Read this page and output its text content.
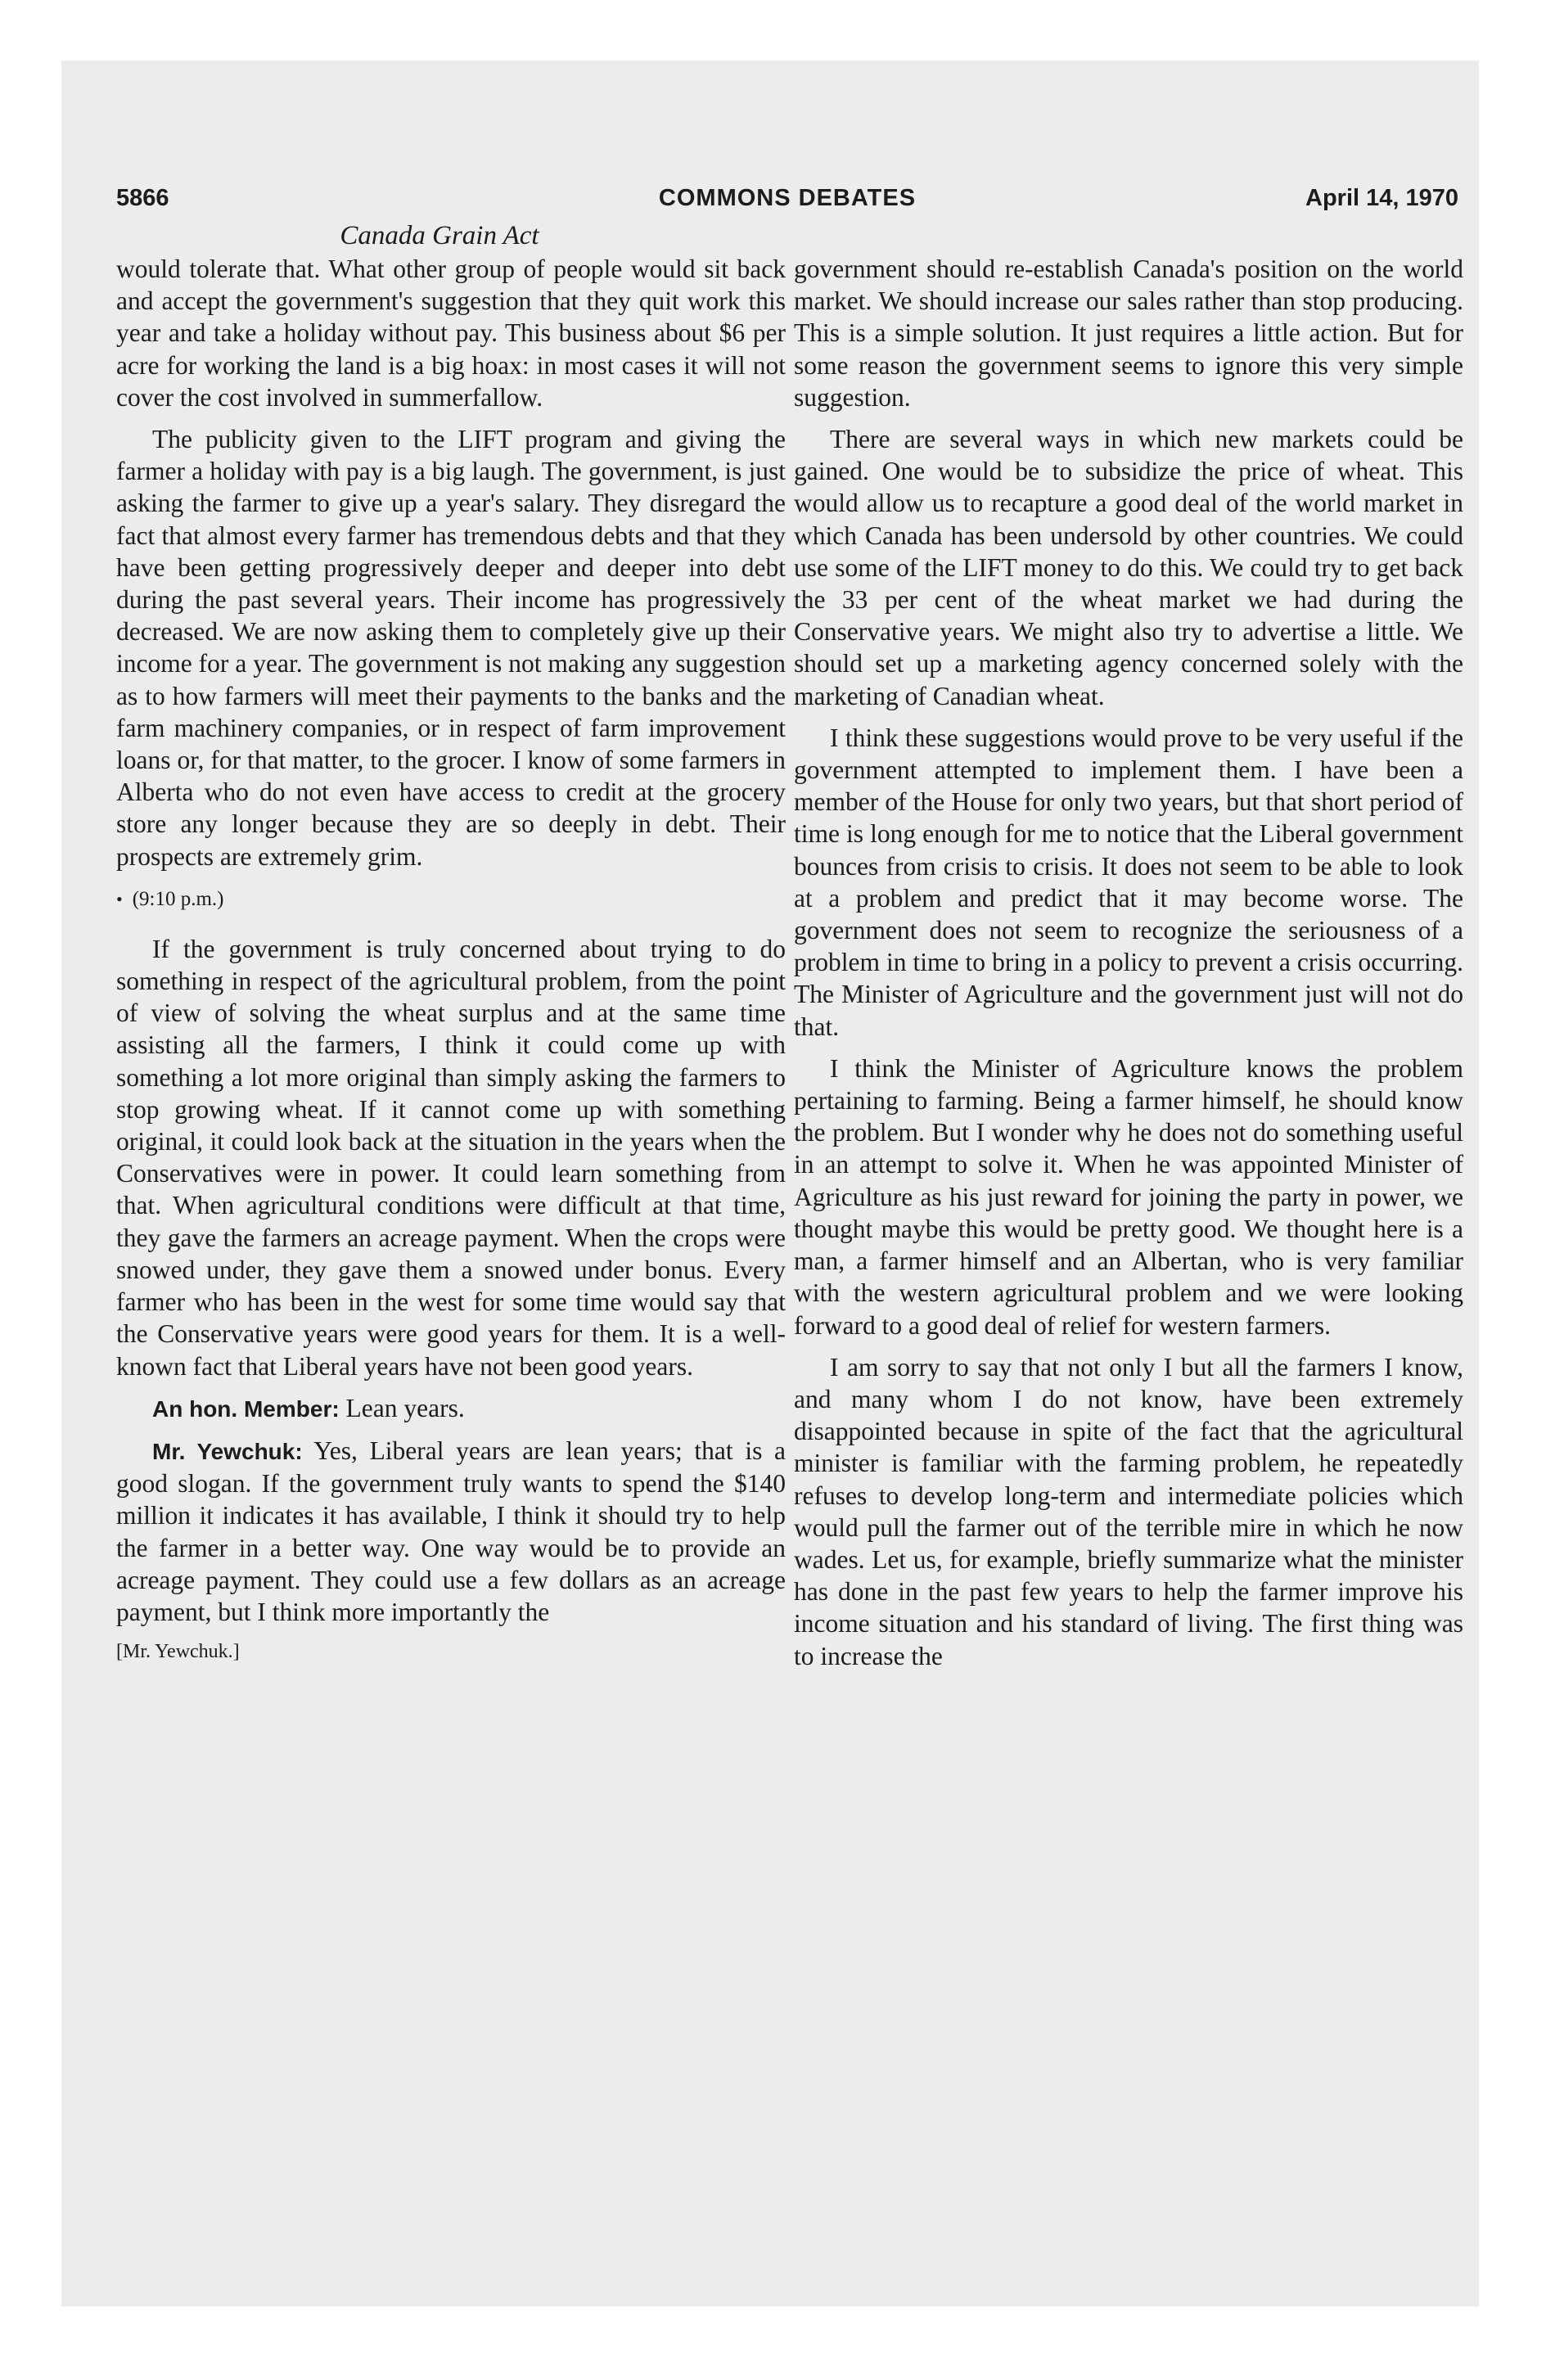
5866	COMMONS DEBATES	April 14, 1970
Canada Grain Act

would tolerate that. What other group of people would sit back and accept the government's suggestion that they quit work this year and take a holiday without pay. This business about $6 per acre for working the land is a big hoax: in most cases it will not cover the cost involved in summerfallow.

The publicity given to the LIFT program and giving the farmer a holiday with pay is a big laugh. The government, is just asking the farmer to give up a year's salary. They disregard the fact that almost every farmer has tremendous debts and that they have been getting progressively deeper and deeper into debt during the past several years. Their income has progressively decreased. We are now asking them to completely give up their income for a year. The government is not making any suggestion as to how farmers will meet their payments to the banks and the farm machinery companies, or in respect of farm improvement loans or, for that matter, to the grocer. I know of some farmers in Alberta who do not even have access to credit at the grocery store any longer because they are so deeply in debt. Their prospects are extremely grim.

• (9:10 p.m.)

If the government is truly concerned about trying to do something in respect of the agricultural problem, from the point of view of solving the wheat surplus and at the same time assisting all the farmers, I think it could come up with something a lot more original than simply asking the farmers to stop growing wheat. If it cannot come up with something original, it could look back at the situation in the years when the Conservatives were in power. It could learn something from that. When agricultural conditions were difficult at that time, they gave the farmers an acreage payment. When the crops were snowed under, they gave them a snowed under bonus. Every farmer who has been in the west for some time would say that the Conservative years were good years for them. It is a well-known fact that Liberal years have not been good years.

An hon. Member: Lean years.

Mr. Yewchuk: Yes, Liberal years are lean years; that is a good slogan. If the government truly wants to spend the $140 million it indicates it has available, I think it should try to help the farmer in a better way. One way would be to provide an acreage payment. They could use a few dollars as an acreage payment, but I think more importantly the

[Mr. Yewchuk.]

government should re-establish Canada's position on the world market. We should increase our sales rather than stop producing. This is a simple solution. It just requires a little action. But for some reason the government seems to ignore this very simple suggestion.

There are several ways in which new markets could be gained. One would be to subsidize the price of wheat. This would allow us to recapture a good deal of the world market in which Canada has been undersold by other countries. We could use some of the LIFT money to do this. We could try to get back the 33 per cent of the wheat market we had during the Conservative years. We might also try to advertise a little. We should set up a marketing agency concerned solely with the marketing of Canadian wheat.

I think these suggestions would prove to be very useful if the government attempted to implement them. I have been a member of the House for only two years, but that short period of time is long enough for me to notice that the Liberal government bounces from crisis to crisis. It does not seem to be able to look at a problem and predict that it may become worse. The government does not seem to recognize the seriousness of a problem in time to bring in a policy to prevent a crisis occurring. The Minister of Agriculture and the government just will not do that.

I think the Minister of Agriculture knows the problem pertaining to farming. Being a farmer himself, he should know the problem. But I wonder why he does not do something useful in an attempt to solve it. When he was appointed Minister of Agriculture as his just reward for joining the party in power, we thought maybe this would be pretty good. We thought here is a man, a farmer himself and an Albertan, who is very familiar with the western agricultural problem and we were looking forward to a good deal of relief for western farmers.

I am sorry to say that not only I but all the farmers I know, and many whom I do not know, have been extremely disappointed because in spite of the fact that the agricultural minister is familiar with the farming problem, he repeatedly refuses to develop long-term and intermediate policies which would pull the farmer out of the terrible mire in which he now wades. Let us, for example, briefly summarize what the minister has done in the past few years to help the farmer improve his income situation and his standard of living. The first thing was to increase the
